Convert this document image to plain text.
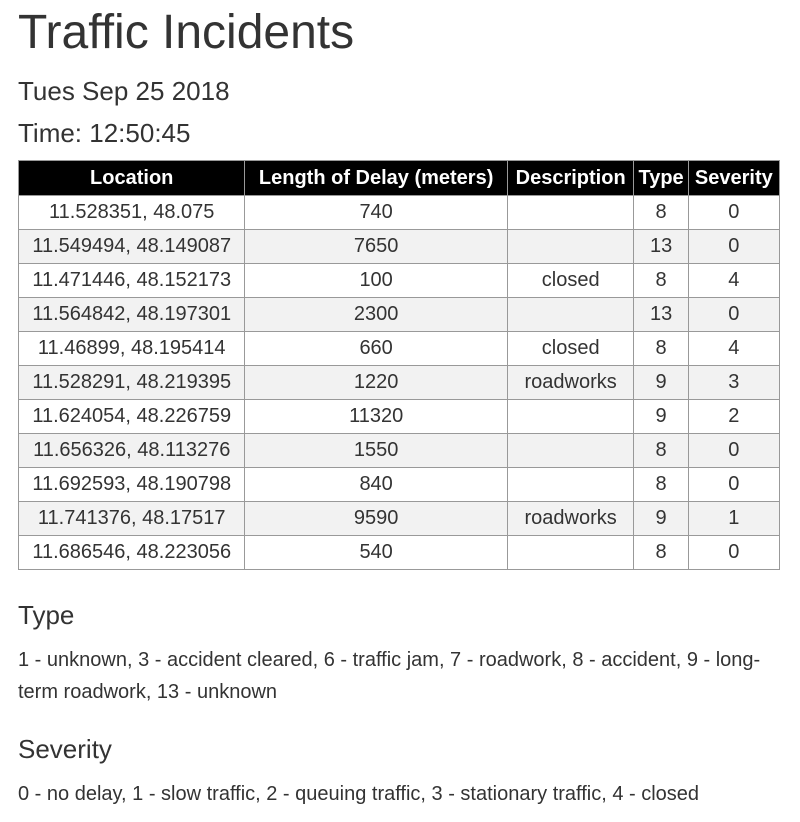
Traffic Incidents
Tues Sep 25 2018
Time: 12:50:45
Location	Length of Delay (meters)	Description	Type	Severity
11.528351, 48.075	740		8	0
11.549494, 48.149087	7650		13	0
11.471446, 48.152173	100	closed	8	4
11.564842, 48.197301	2300		13	0
11.46899, 48.195414	660	closed	8	4
11.528291, 48.219395	1220	roadworks	9	3
11.624054, 48.226759	11320		9	2
11.656326, 48.113276	1550		8	0
11.692593, 48.190798	840		8	0
11.741376, 48.17517	9590	roadworks	9	1
11.686546, 48.223056	540		8	0
Type

1 - unknown, 3 - accident cleared, 6 - traffic jam, 7 - roadwork, 8 - accident, 9 - long-term roadwork, 13 - unknown

Severity

0 - no delay, 1 - slow traffic, 2 - queuing traffic, 3 - stationary traffic, 4 - closed
